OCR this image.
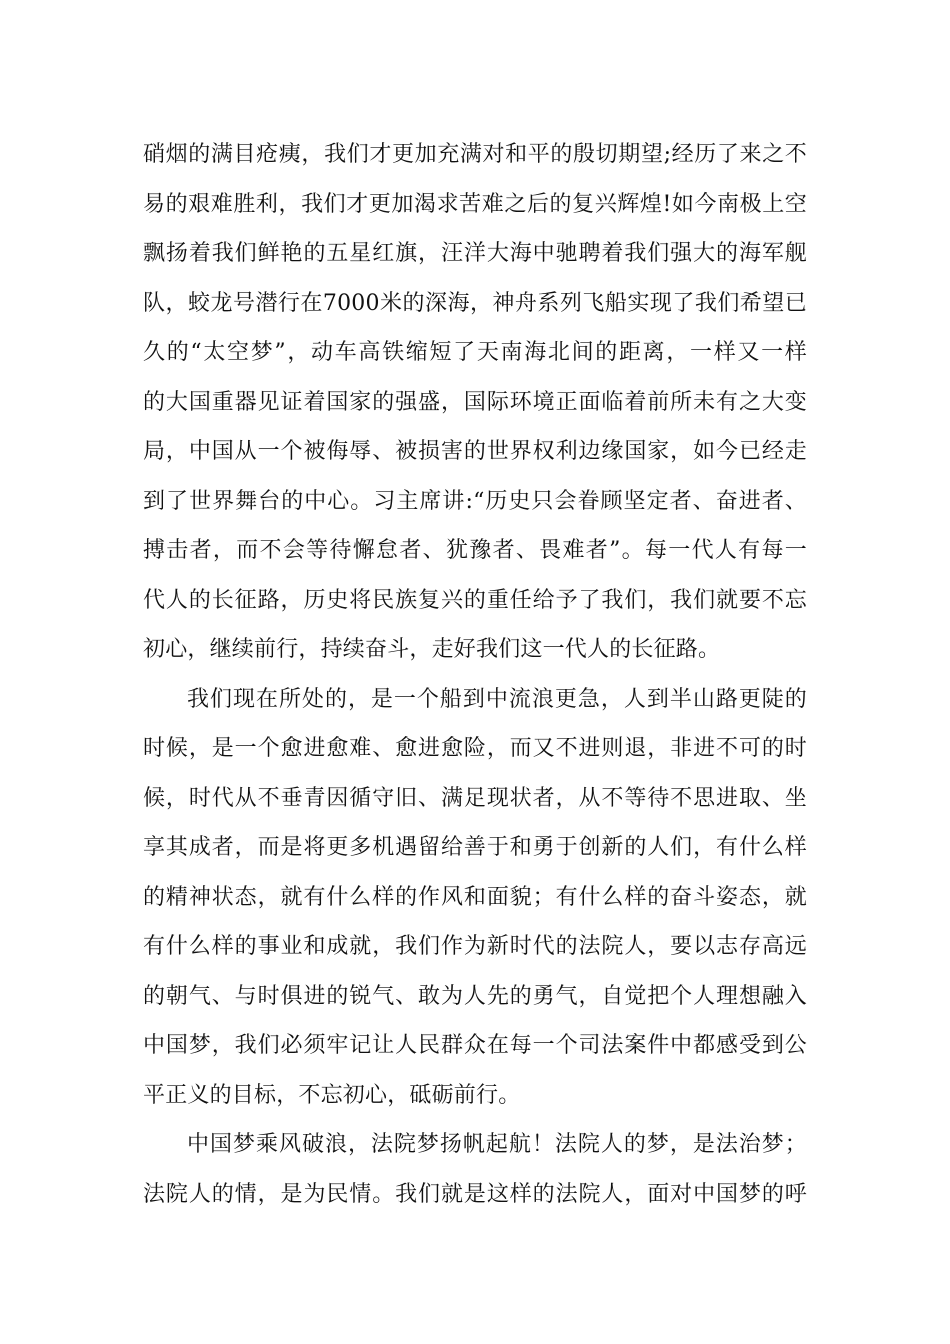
硝烟的满目疮痍，我们才更加充满对和平的殷切期望;经历了来之不
易的艰难胜利，我们才更加渴求苦难之后的复兴辉煌!如今南极上空
飘扬着我们鲜艳的五星红旗，汪洋大海中驰聘着我们强大的海军舰
队，蛟龙号潜行在7000米的深海，神舟系列飞船实现了我们希望已
久的“太空梦”，动车高铁缩短了天南海北间的距离，一样又一样
的大国重器见证着国家的强盛，国际环境正面临着前所未有之大变
局，中国从一个被侮辱、被损害的世界权利边缘国家，如今已经走
到了世界舞台的中心。习主席讲:“历史只会眷顾坚定者、奋进者、
搏击者，而不会等待懈怠者、犹豫者、畏难者”。每一代人有每一
代人的长征路，历史将民族复兴的重任给予了我们，我们就要不忘
初心，继续前行，持续奋斗，走好我们这一代人的长征路。
我们现在所处的，是一个船到中流浪更急，人到半山路更陡的
时候，是一个愈进愈难、愈进愈险，而又不进则退，非进不可的时
候，时代从不垂青因循守旧、满足现状者，从不等待不思进取、坐
享其成者，而是将更多机遇留给善于和勇于创新的人们，有什么样
的精神状态，就有什么样的作风和面貌；有什么样的奋斗姿态，就
有什么样的事业和成就，我们作为新时代的法院人，要以志存高远
的朝气、与时俱进的锐气、敢为人先的勇气，自觉把个人理想融入
中国梦，我们必须牢记让人民群众在每一个司法案件中都感受到公
平正义的目标，不忘初心，砥砺前行。
中国梦乘风破浪，法院梦扬帆起航！法院人的梦，是法治梦；
法院人的情，是为民情。我们就是这样的法院人，面对中国梦的呼
